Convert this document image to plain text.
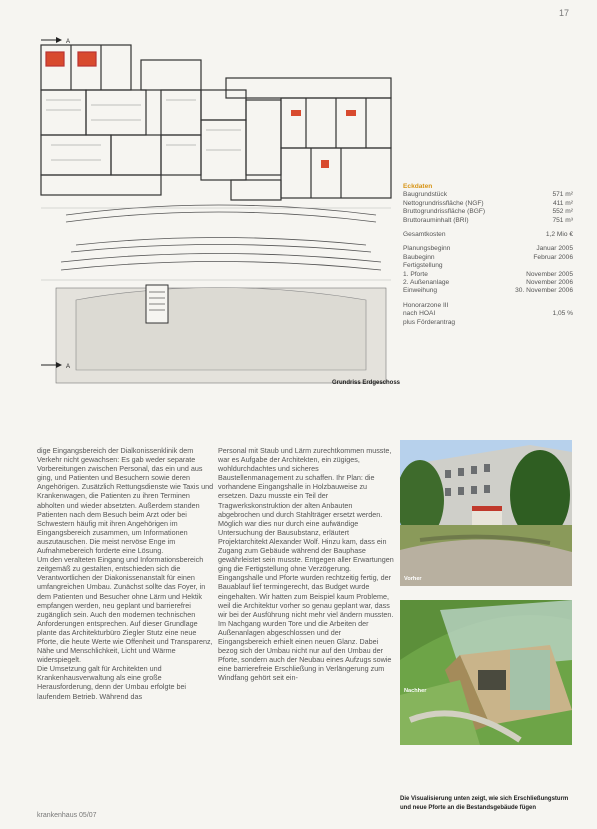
17
A
A
Grundriss Erdgeschoss
Eckdaten
Baugrundstück	571 m²
Nettogrundrissfläche (NGF)	411 m²
Bruttogrundrissfläche (BGF)	552 m²
Bruttorauminhalt (BRI)	751 m³
Gesamtkosten	1,2 Mio €
Planungsbeginn	Januar 2005
Baubeginn	Februar 2006
Fertigstellung
1. Pforte	November 2005
2. Außenanlage	November 2006
Einweihung	30. November 2006
Honorarzone III
nach HOAI	1,05 %
plus Förderantrag

dige Eingangsbereich der Dialkonissenklinik dem Verkehr nicht gewachsen: Es gab weder separate Vorbereitungen zwischen Personal, das ein und aus ging, und Patienten und Besuchern sowie deren Angehörigen. Zusätzlich Rettungsdienste wie Taxis und Krankenwagen, die Patienten zu ihren Terminen abholten und wieder absetzten. Außerdem standen Patienten nach dem Besuch beim Arzt oder bei Schwestern häufig mit ihren Angehörigen im Eingangsbereich zusammen, um Informationen auszutauschen. Die meist nervöse Enge im Aufnahmebereich forderte eine Lösung.
Um den veralteten Eingang und Informationsbereich zeitgemäß zu gestalten, entschieden sich die Verantwortlichen der Diakonissenanstalt für einen umfangreichen Umbau. Zunächst sollte das Foyer, in dem Patienten und Besucher ohne Lärm und Hektik empfangen werden, neu geplant und barrierefrei zugänglich sein. Auch den modernen technischen Anforderungen entsprechen. Auf dieser Grundlage plante das Architekturbüro Ziegler Stutz eine neue Pforte, die heute Werte wie Offenheit und Transparenz, Nähe und Menschlichkeit, Licht und Wärme widerspiegelt.
Die Umsetzung galt für Architekten und Krankenhausverwaltung als eine große Herausforderung, denn der Umbau erfolgte bei laufendem Betrieb. Während das

Personal mit Staub und Lärm zurechtkommen musste, war es Aufgabe der Architekten, ein zügiges, wohldurchdachtes und sicheres Baustellenmanagement zu schaffen. Ihr Plan: die vorhandene Eingangshalle in Holzbauweise zu ersetzen. Dazu musste ein Teil der Tragwerkskonstruktion der alten Anbauten abgebrochen und durch Stahlträger ersetzt werden. Möglich war dies nur durch eine aufwändige Untersuchung der Bausubstanz, erläutert Projektarchitekt Alexander Wolf. Hinzu kam, dass ein Zugang zum Gebäude während der Bauphase gewährleistet sein musste. Entgegen aller Erwartungen ging die Fertigstellung ohne Verzögerung. Eingangshalle und Pforte wurden rechtzeitig fertig, der Bauablauf lief termingerecht, das Budget wurde eingehalten. Wir hatten zum Beispiel kaum Probleme, weil die Architektur vorher so genau geplant war, dass wir bei der Ausführung nicht mehr viel ändern mussten.
Im Nachgang wurden Tore und die Arbeiten der Außenanlagen abgeschlossen und der Eingangsbereich erhielt einen neuen Glanz. Dabei bezog sich der Umbau nicht nur auf den Umbau der Pforte, sondern auch der Neubau eines Aufzugs sowie eine barrierefreie Erschließung in Verlängerung zum Windfang gehört seit ein-

Vorher
Nachher
Die Visualisierung unten zeigt, wie sich Erschließungsturm und neue Pforte an die Bestandsgebäude fügen
krankenhaus 05/07
